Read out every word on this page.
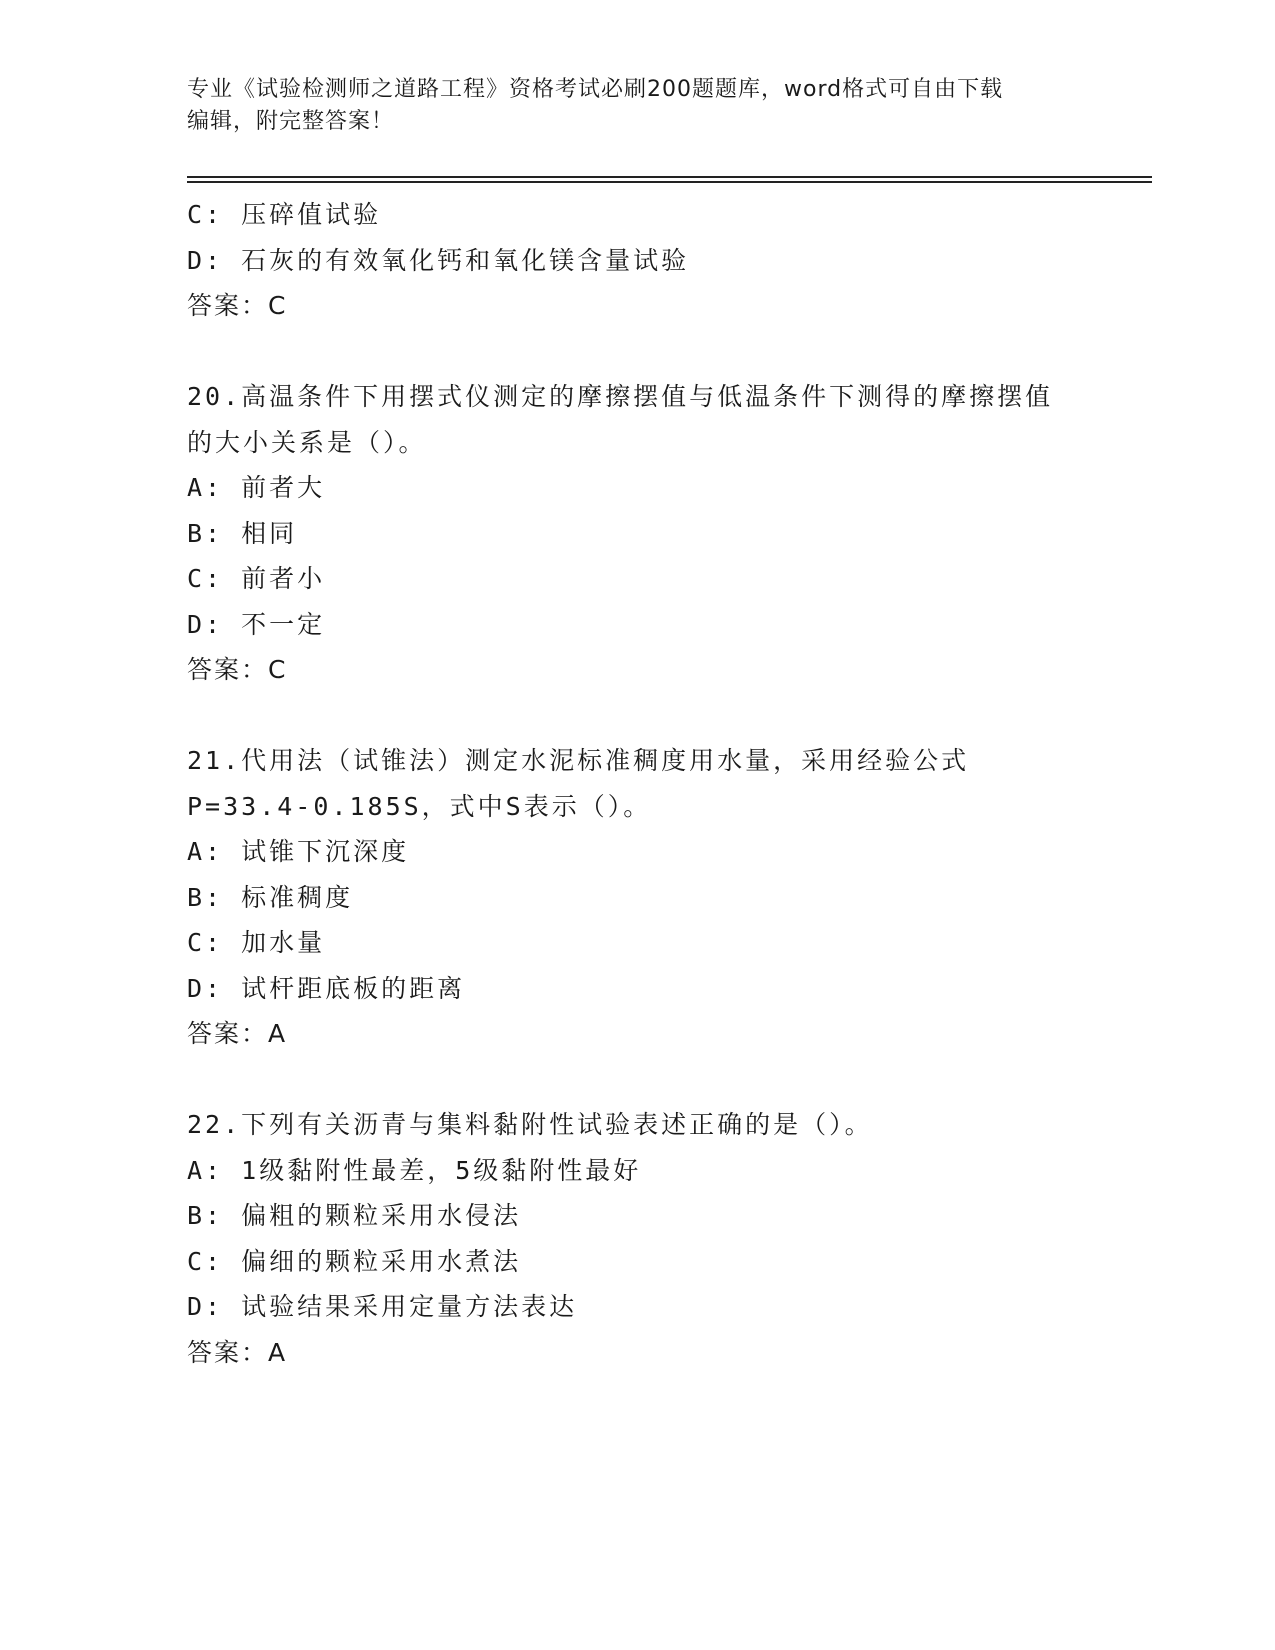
专业《试验检测师之道路工程》资格考试必刷200题题库，word格式可自由下载
编辑，附完整答案！
C: 压碎值试验
D: 石灰的有效氧化钙和氧化镁含量试验
答案：C
20.高温条件下用摆式仪测定的摩擦摆值与低温条件下测得的摩擦摆值
的大小关系是（）。
A: 前者大
B: 相同
C: 前者小
D: 不一定
答案：C
21.代用法（试锥法）测定水泥标准稠度用水量，采用经验公式
P=33.4-0.185S，式中S表示（）。
A: 试锥下沉深度
B: 标准稠度
C: 加水量
D: 试杆距底板的距离
答案：A
22.下列有关沥青与集料黏附性试验表述正确的是（）。
A: 1级黏附性最差，5级黏附性最好
B: 偏粗的颗粒采用水侵法
C: 偏细的颗粒采用水煮法
D: 试验结果采用定量方法表达
答案：A
